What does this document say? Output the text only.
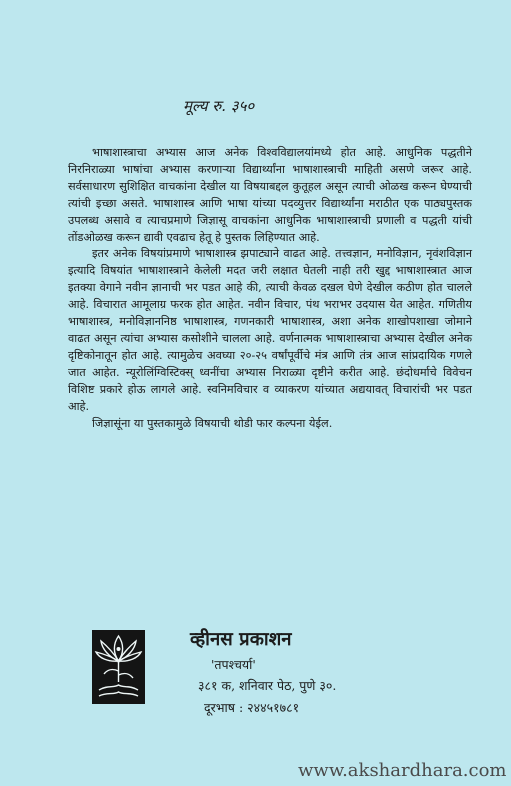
मूल्य रु. ३५०

भाषाशास्त्राचा अभ्यास आज अनेक विश्वविद्यालयांमध्ये होत आहे. आधुनिक पद्धतीने निरनिराळ्या भाषांचा अभ्यास करणाऱ्या विद्यार्थ्यांना भाषाशास्त्राची माहिती असणे जरूर आहे. सर्वसाधारण सुशिक्षित वाचकांना देखील या विषयाबद्दल कुतूहल असून त्याची ओळख करून घेण्याची त्यांची इच्छा असते. भाषाशास्त्र आणि भाषा यांच्या पदव्युत्तर विद्यार्थ्यांना मराठीत एक पाठ्यपुस्तक उपलब्ध असावे व त्याचप्रमाणे जिज्ञासू वाचकांना आधुनिक भाषाशास्त्राची प्रणाली व पद्धती यांची तोंडओळख करून द्यावी एवढाच हेतू हे पुस्तक लिहिण्यात आहे.

इतर अनेक विषयांप्रमाणे भाषाशास्त्र झपाट्याने वाढत आहे. तत्त्वज्ञान, मनोविज्ञान, नृवंशविज्ञान इत्यादि विषयांत भाषाशास्त्राने केलेली मदत जरी लक्षात घेतली नाही तरी खुद्द भाषाशास्त्रात आज इतक्या वेगाने नवीन ज्ञानाची भर पडत आहे की, त्याची केवळ दखल घेणे देखील कठीण होत चालले आहे. विचारात आमूलाग्र फरक होत आहेत. नवीन विचार, पंथ भराभर उदयास येत आहेत. गणितीय भाषाशास्त्र, मनोविज्ञाननिष्ठ भाषाशास्त्र, गणनकारी भाषाशास्त्र, अशा अनेक शाखोपशाखा जोमाने वाढत असून त्यांचा अभ्यास कसोशीने चालला आहे. वर्णनात्मक भाषाशास्त्राचा अभ्यास देखील अनेक दृष्टिकोनातून होत आहे. त्यामुळेच अवघ्या २०-२५ वर्षांपूर्वीचे मंत्र आणि तंत्र आज सांप्रदायिक गणले जात आहेत. न्यूरोलिंग्विस्टिक्स् ध्वनींचा अभ्यास निराळ्या दृष्टीने करीत आहे. छंदोधर्माचे विवेचन विशिष्ट प्रकारे होऊ लागले आहे. स्वनिमविचार व व्याकरण यांच्यात अद्ययावत् विचारांची भर पडत आहे.

जिज्ञासूंना या पुस्तकामुळे विषयाची थोडी फार कल्पना येईल.

व्हीनस प्रकाशन
'तपश्चर्या'
३८१ क, शनिवार पेठ, पुणे ३०.
दूरभाष : २४४५१७८१
www.akshardhara.com
